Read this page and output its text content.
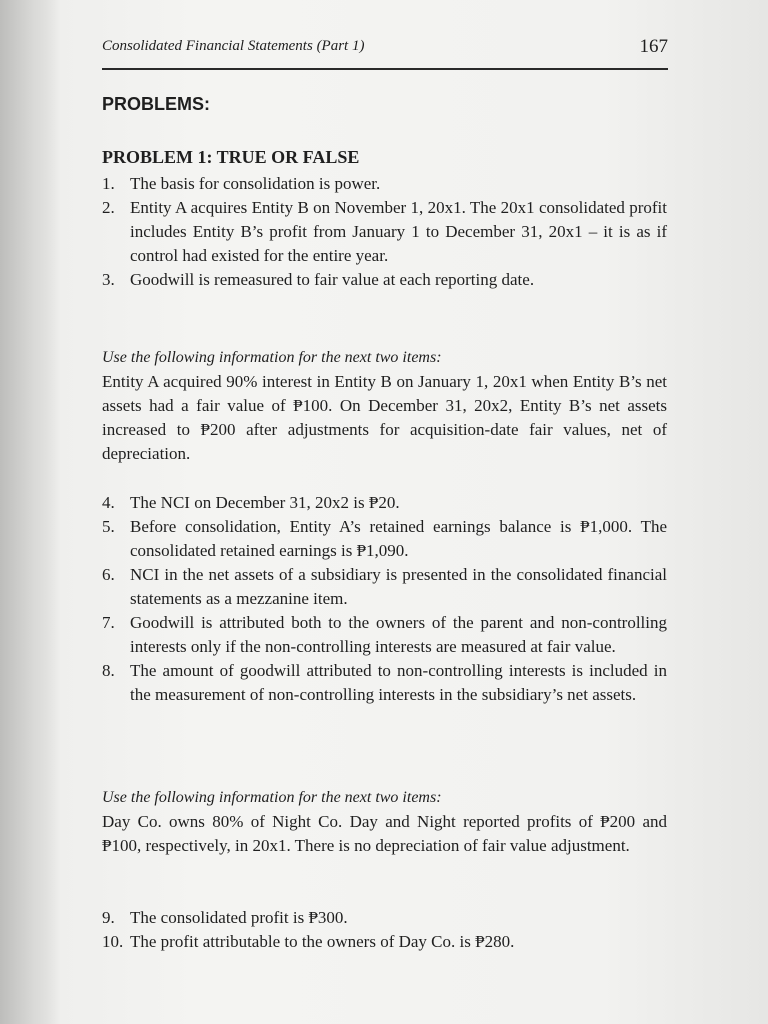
Consolidated Financial Statements (Part 1)	167
PROBLEMS:
PROBLEM 1: TRUE OR FALSE
1. The basis for consolidation is power.
2. Entity A acquires Entity B on November 1, 20x1. The 20x1 consolidated profit includes Entity B’s profit from January 1 to December 31, 20x1 – it is as if control had existed for the entire year.
3. Goodwill is remeasured to fair value at each reporting date.
Use the following information for the next two items:
Entity A acquired 90% interest in Entity B on January 1, 20x1 when Entity B’s net assets had a fair value of ₱100. On December 31, 20x2, Entity B’s net assets increased to ₱200 after adjustments for acquisition-date fair values, net of depreciation.
4. The NCI on December 31, 20x2 is ₱20.
5. Before consolidation, Entity A’s retained earnings balance is ₱1,000. The consolidated retained earnings is ₱1,090.
6. NCI in the net assets of a subsidiary is presented in the consolidated financial statements as a mezzanine item.
7. Goodwill is attributed both to the owners of the parent and non-controlling interests only if the non-controlling interests are measured at fair value.
8. The amount of goodwill attributed to non-controlling interests is included in the measurement of non-controlling interests in the subsidiary’s net assets.
Use the following information for the next two items:
Day Co. owns 80% of Night Co. Day and Night reported profits of ₱200 and ₱100, respectively, in 20x1. There is no depreciation of fair value adjustment.
9. The consolidated profit is ₱300.
10. The profit attributable to the owners of Day Co. is ₱280.
